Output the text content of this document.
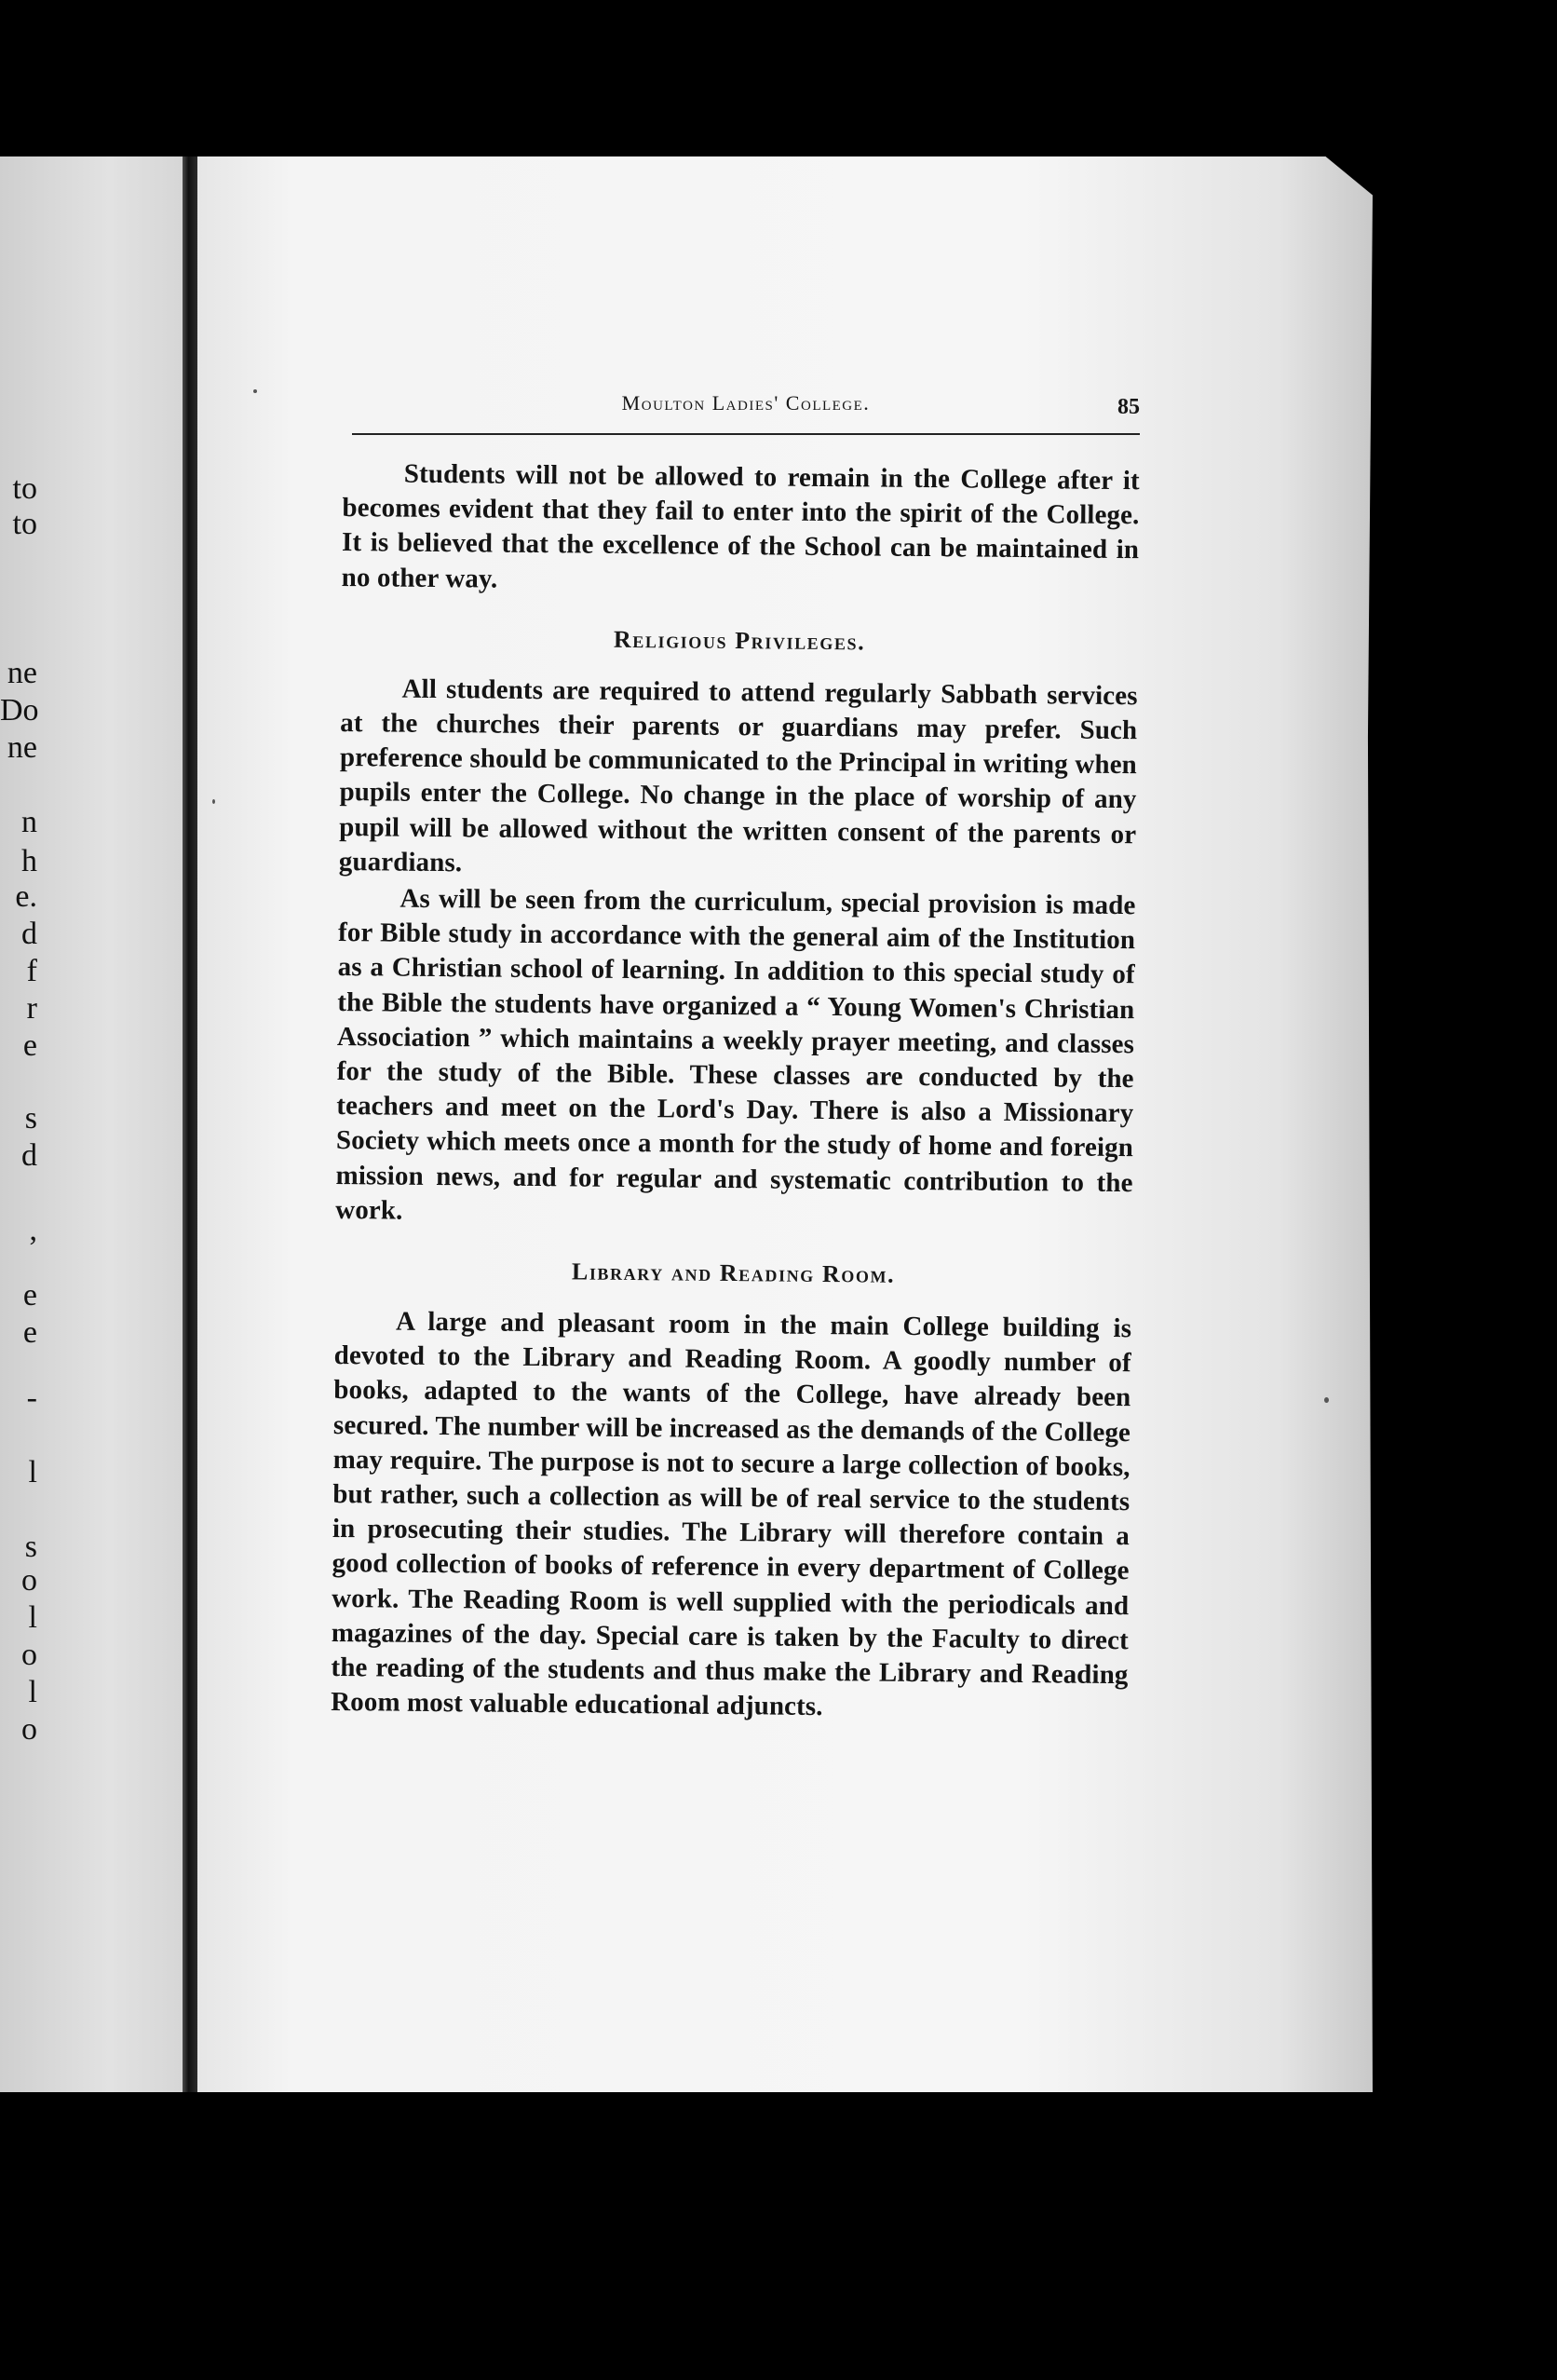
to
to
ne
Do
ne
n
h
e.
d
f
r
e
s
d
,
e
e
-
l
s
o
l
o
l
o
Moulton Ladies' College.	85

Students will not be allowed to remain in the College after it becomes evident that they fail to enter into the spirit of the College. It is believed that the excellence of the School can be maintained in no other way.

Religious Privileges.

All students are required to attend regularly Sabbath services at the churches their parents or guardians may prefer. Such preference should be communicated to the Principal in writing when pupils enter the College. No change in the place of worship of any pupil will be allowed without the written consent of the parents or guardians.

As will be seen from the curriculum, special provision is made for Bible study in accordance with the general aim of the Institution as a Christian school of learning. In addition to this special study of the Bible the students have organized a “ Young Women's Christian Association ” which maintains a weekly prayer meeting, and classes for the study of the Bible. These classes are conducted by the teachers and meet on the Lord's Day. There is also a Missionary Society which meets once a month for the study of home and foreign mission news, and for regular and systematic contribution to the work.

Library and Reading Room.

A large and pleasant room in the main College building is devoted to the Library and Reading Room. A goodly number of books, adapted to the wants of the College, have already been secured. The number will be increased as the demands of the College may require. The purpose is not to secure a large collection of books, but rather, such a collection as will be of real service to the students in prosecuting their studies. The Library will therefore contain a good collection of books of reference in every department of College work. The Reading Room is well supplied with the periodicals and magazines of the day. Special care is taken by the Faculty to direct the reading of the students and thus make the Library and Reading Room most valuable educational adjuncts.
